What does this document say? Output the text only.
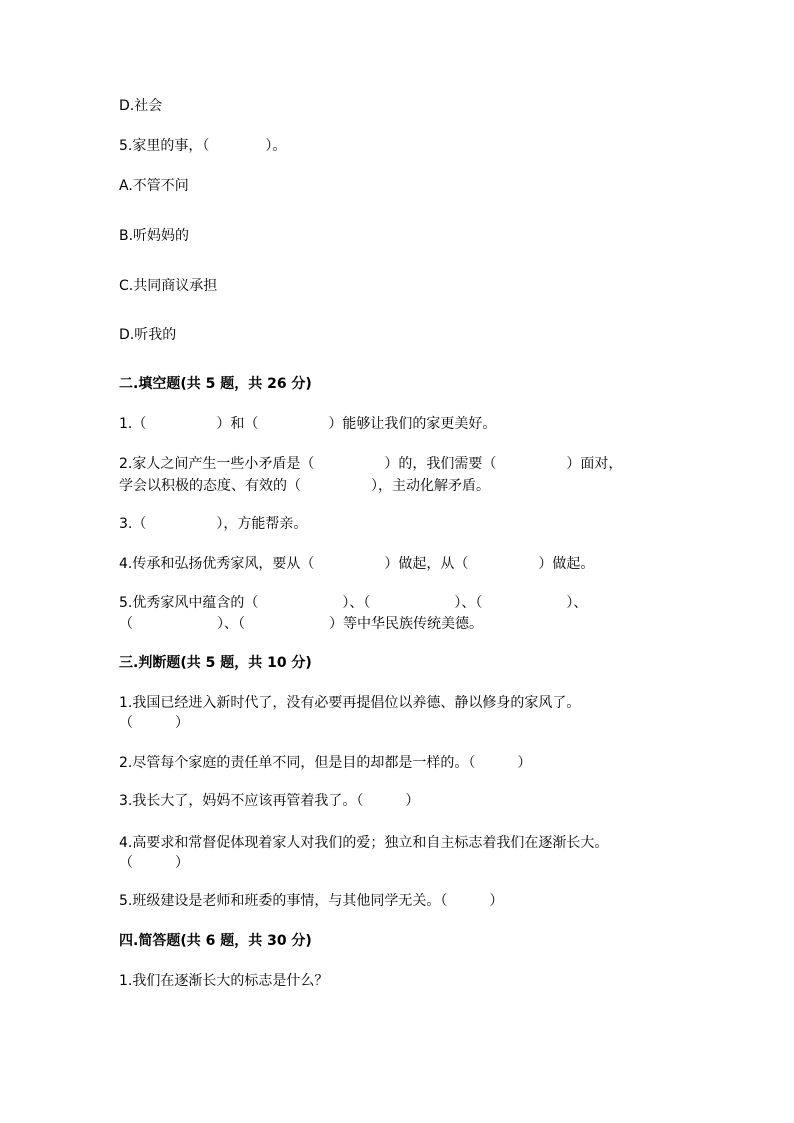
D.社会
5.家里的事，（　　　　）。
A.不管不问
B.听妈妈的
C.共同商议承担
D.听我的
二.填空题(共 5 题，共 26 分)
1.（　　　　　）和（　　　　　）能够让我们的家更美好。
2.家人之间产生一些小矛盾是（　　　　　）的，我们需要（　　　　　）面对，
学会以积极的态度、有效的（　　　　　），主动化解矛盾。
3.（　　　　　），方能帮亲。
4.传承和弘扬优秀家风，要从（　　　　　）做起，从（　　　　　）做起。
5.优秀家风中蕴含的（　　　　　　）、（　　　　　　）、（　　　　　　）、
（　　　　　　）、（　　　　　　）等中华民族传统美德。
三.判断题(共 5 题，共 10 分)
1.我国已经进入新时代了，没有必要再提倡位以养德、静以修身的家风了。
（　　　）
2.尽管每个家庭的责任单不同，但是目的却都是一样的。（　　　）
3.我长大了，妈妈不应该再管着我了。（　　　）
4.高要求和常督促体现着家人对我们的爱；独立和自主标志着我们在逐渐长大。
（　　　）
5.班级建设是老师和班委的事情，与其他同学无关。（　　　）
四.简答题(共 6 题，共 30 分)
1.我们在逐渐长大的标志是什么？
